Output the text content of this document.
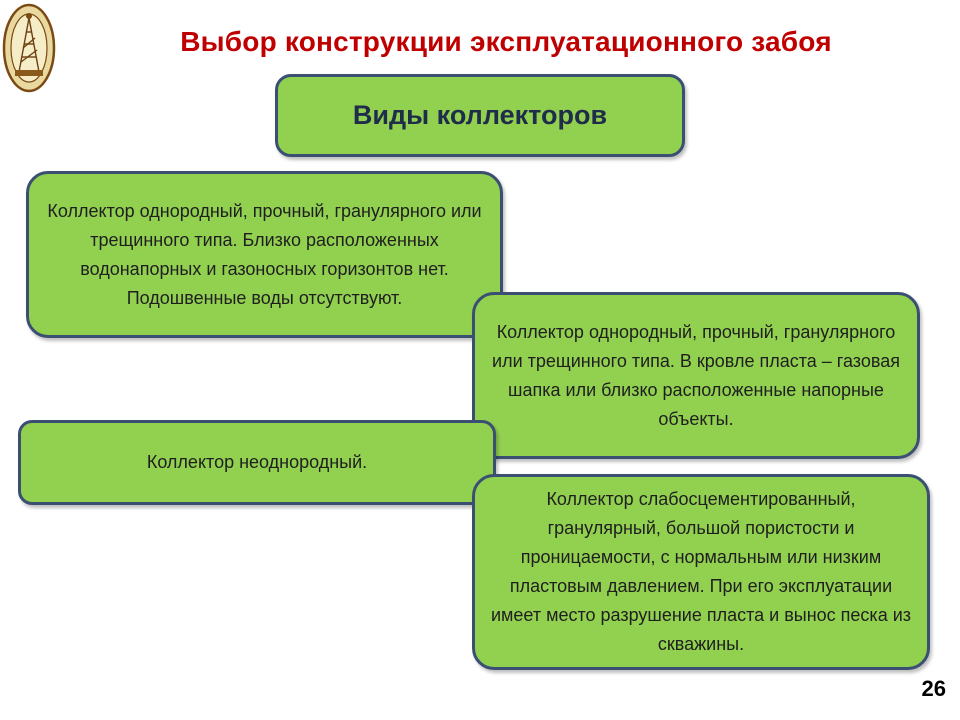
Выбор конструкции эксплуатационного забоя
Виды коллекторов
Коллектор однородный, прочный, гранулярного или трещинного типа. Близко расположенных водонапорных и газоносных горизонтов нет. Подошвенные воды отсутствуют.
Коллектор однородный, прочный, гранулярного или трещинного типа. В кровле пласта – газовая шапка или близко расположенные напорные объекты.
Коллектор неоднородный.
Коллектор слабосцементированный, гранулярный, большой пористости и проницаемости, с нормальным или низким пластовым давлением. При его эксплуатации имеет место разрушение пласта и вынос песка из скважины.
26
